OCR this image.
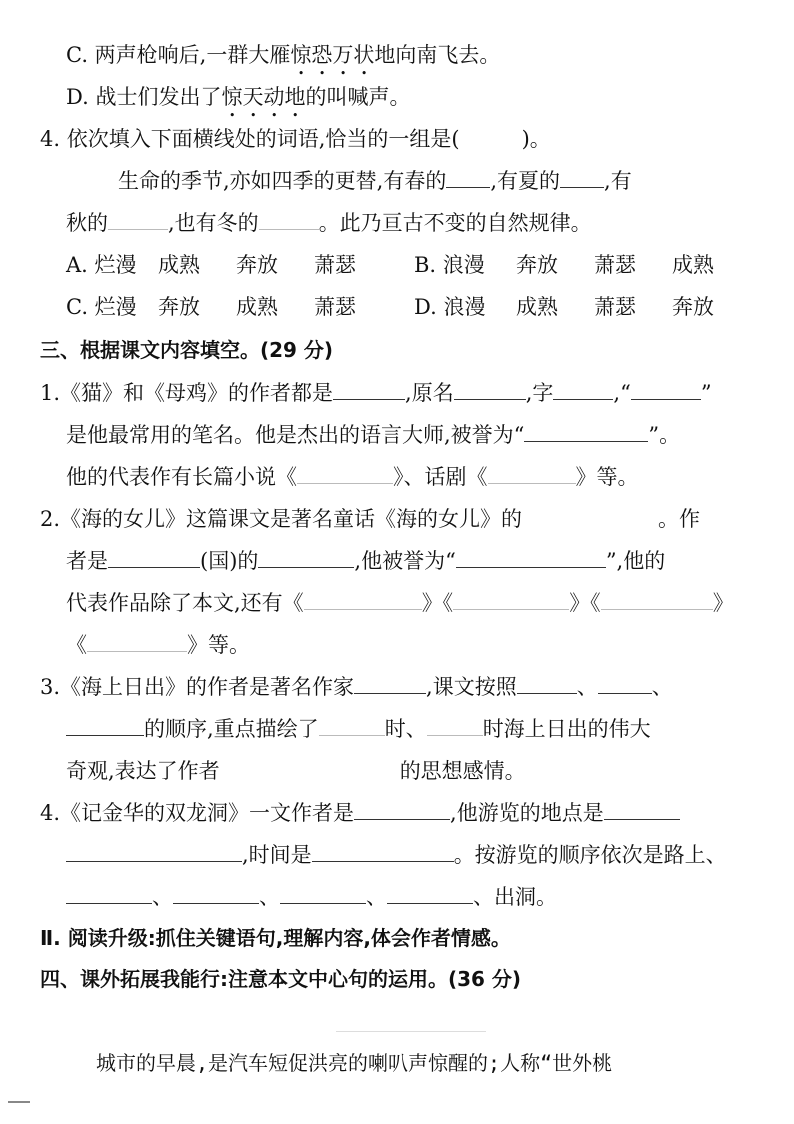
C. 两声枪响后,一群大雁惊恐万状地向南飞去。
D. 战士们发出了惊天动地的叫喊声。
4. 依次填入下面横线处的词语,恰当的一组是(	)。
生命的季节,亦如四季的更替,有春的 ,有夏的 ,有
秋的	,也有冬的	。此乃亘古不变的自然规律。
A. 烂漫 成熟 奔放 萧瑟	B. 浪漫 奔放 萧瑟 成熟
C. 烂漫 奔放 成熟 萧瑟	D. 浪漫 成熟 萧瑟 奔放
三、根据课文内容填空。(29 分)
1.《猫》和《母鸡》的作者都是	,原名	,字	,“	”
是他最常用的笔名。他是杰出的语言大师,被誉为“	”。
他的代表作有长篇小说《	》、话剧《	》等。
2.《海的女儿》这篇课文是著名童话《海的女儿》的	。作
者是	(国)的	,他被誉为“	”,他的
代表作品除了本文,还有《	》《	》《	》
《	》等。
3.《海上日出》的作者是著名作家	,课文按照	、	、
的顺序,重点描绘了	时、	时海上日出的伟大
奇观,表达了作者	的思想感情。
4.《记金华的双龙洞》一文作者是	,他游览的地点是
,时间是	。按游览的顺序依次是路上、
、	、	、	、出洞。
Ⅱ. 阅读升级:抓住关键语句,理解内容,体会作者情感。
四、课外拓展我能行:注意本文中心句的运用。(36 分)
城市的早晨,是汽车短促洪亮的喇叭声惊醒的;人称“世外桃
